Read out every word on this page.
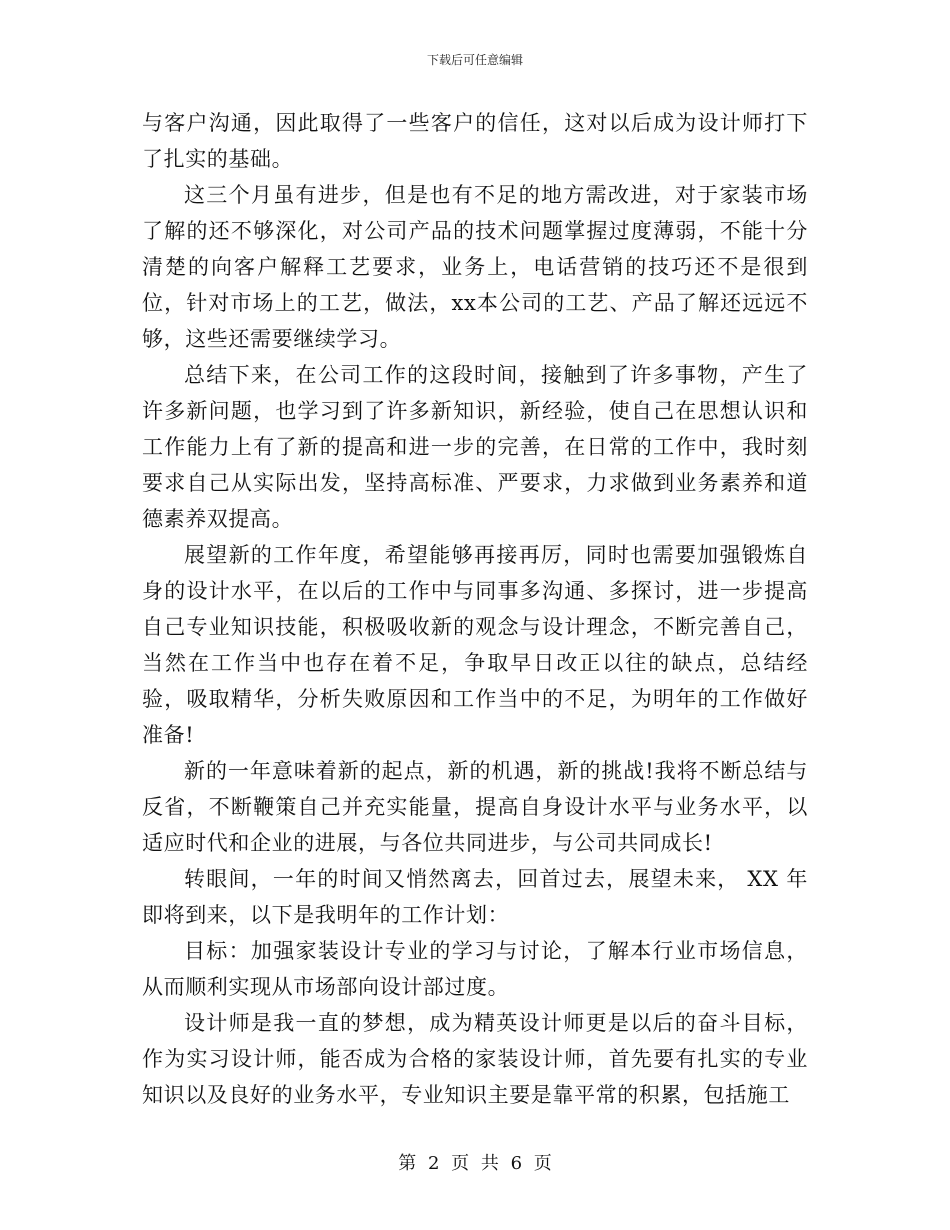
下载后可任意编辑

与客户沟通，因此取得了一些客户的信任，这对以后成为设计师打下了扎实的基础。

这三个月虽有进步，但是也有不足的地方需改进，对于家装市场了解的还不够深化，对公司产品的技术问题掌握过度薄弱，不能十分清楚的向客户解释工艺要求，业务上，电话营销的技巧还不是很到位，针对市场上的工艺，做法，xx本公司的工艺、产品了解还远远不够，这些还需要继续学习。

总结下来，在公司工作的这段时间，接触到了许多事物，产生了许多新问题，也学习到了许多新知识，新经验，使自己在思想认识和工作能力上有了新的提高和进一步的完善，在日常的工作中，我时刻要求自己从实际出发，坚持高标准、严要求，力求做到业务素养和道德素养双提高。

展望新的工作年度，希望能够再接再厉，同时也需要加强锻炼自身的设计水平，在以后的工作中与同事多沟通、多探讨，进一步提高自己专业知识技能，积极吸收新的观念与设计理念，不断完善自己，当然在工作当中也存在着不足，争取早日改正以往的缺点，总结经验，吸取精华，分析失败原因和工作当中的不足，为明年的工作做好准备!

新的一年意味着新的起点，新的机遇，新的挑战!我将不断总结与反省，不断鞭策自己并充实能量，提高自身设计水平与业务水平，以适应时代和企业的进展，与各位共同进步，与公司共同成长!

转眼间，一年的时间又悄然离去，回首过去，展望未来， XX 年即将到来，以下是我明年的工作计划：

目标：加强家装设计专业的学习与讨论，了解本行业市场信息，从而顺利实现从市场部向设计部过度。

设计师是我一直的梦想，成为精英设计师更是以后的奋斗目标，作为实习设计师，能否成为合格的家装设计师，首先要有扎实的专业知识以及良好的业务水平，专业知识主要是靠平常的积累，包括施工

第 2 页 共 6 页
